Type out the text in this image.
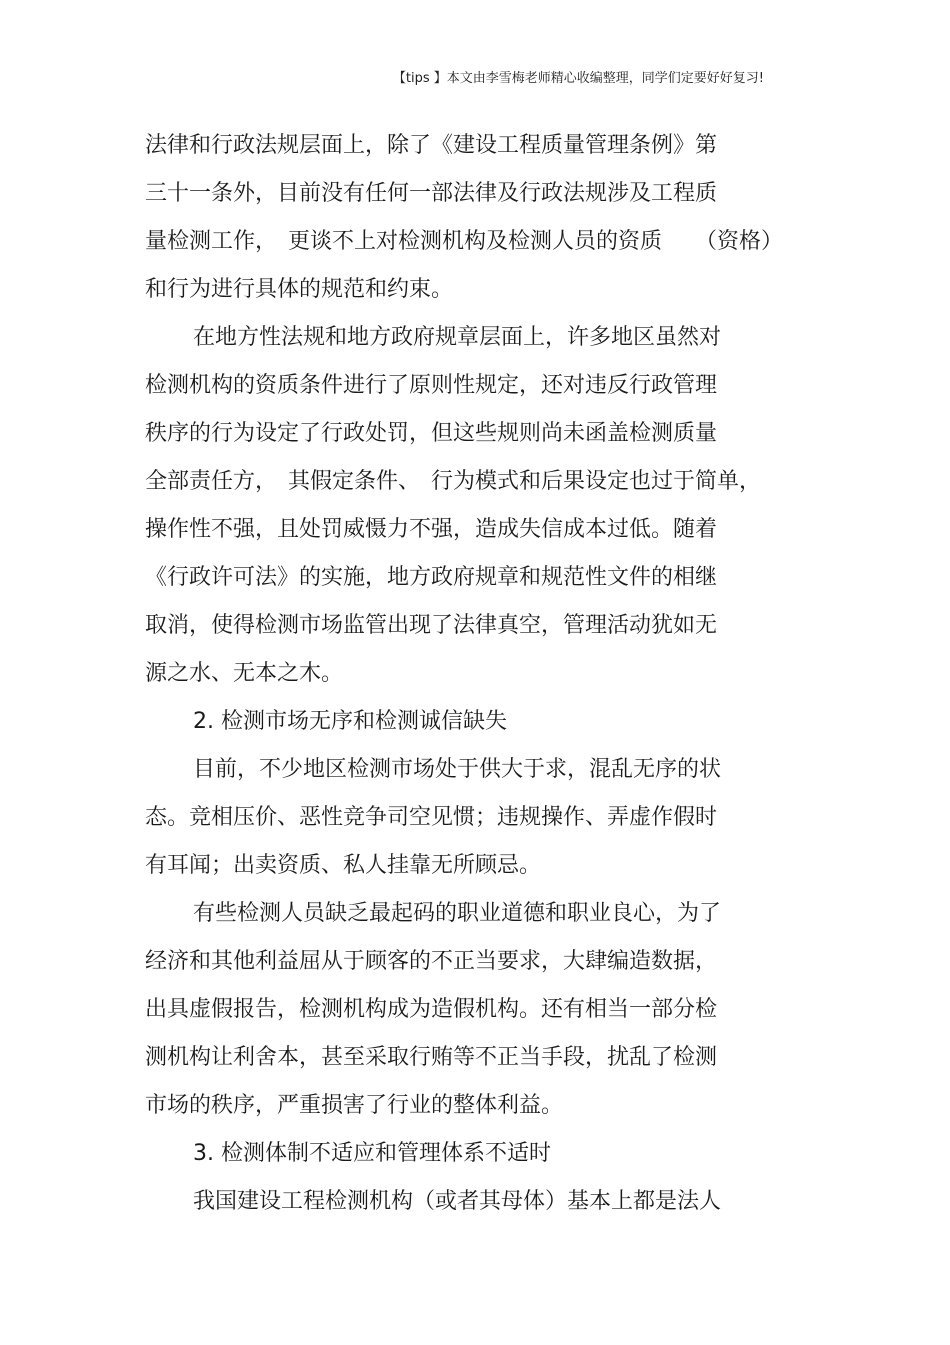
【tips 】本文由李雪梅老师精心收编整理，同学们定要好好复习!
法律和行政法规层面上，除了《建设工程质量管理条例》第
三十一条外，目前没有任何一部法律及行政法规涉及工程质
量检测工作，　更谈不上对检测机构及检测人员的资质　　（资格）
和行为进行具体的规范和约束。
在地方性法规和地方政府规章层面上，许多地区虽然对
检测机构的资质条件进行了原则性规定，还对违反行政管理
秩序的行为设定了行政处罚，但这些规则尚未函盖检测质量
全部责任方，　其假定条件、　行为模式和后果设定也过于简单，
操作性不强，且处罚威慑力不强，造成失信成本过低。随着
《行政许可法》的实施，地方政府规章和规范性文件的相继
取消，使得检测市场监管出现了法律真空，管理活动犹如无
源之水、无本之木。
2. 检测市场无序和检测诚信缺失
目前，不少地区检测市场处于供大于求，混乱无序的状
态。竞相压价、恶性竞争司空见惯；违规操作、弄虚作假时
有耳闻；出卖资质、私人挂靠无所顾忌。
有些检测人员缺乏最起码的职业道德和职业良心，为了
经济和其他利益屈从于顾客的不正当要求，大肆编造数据，
出具虚假报告，检测机构成为造假机构。还有相当一部分检
测机构让利舍本，甚至采取行贿等不正当手段，扰乱了检测
市场的秩序，严重损害了行业的整体利益。
3. 检测体制不适应和管理体系不适时
我国建设工程检测机构（或者其母体）基本上都是法人
